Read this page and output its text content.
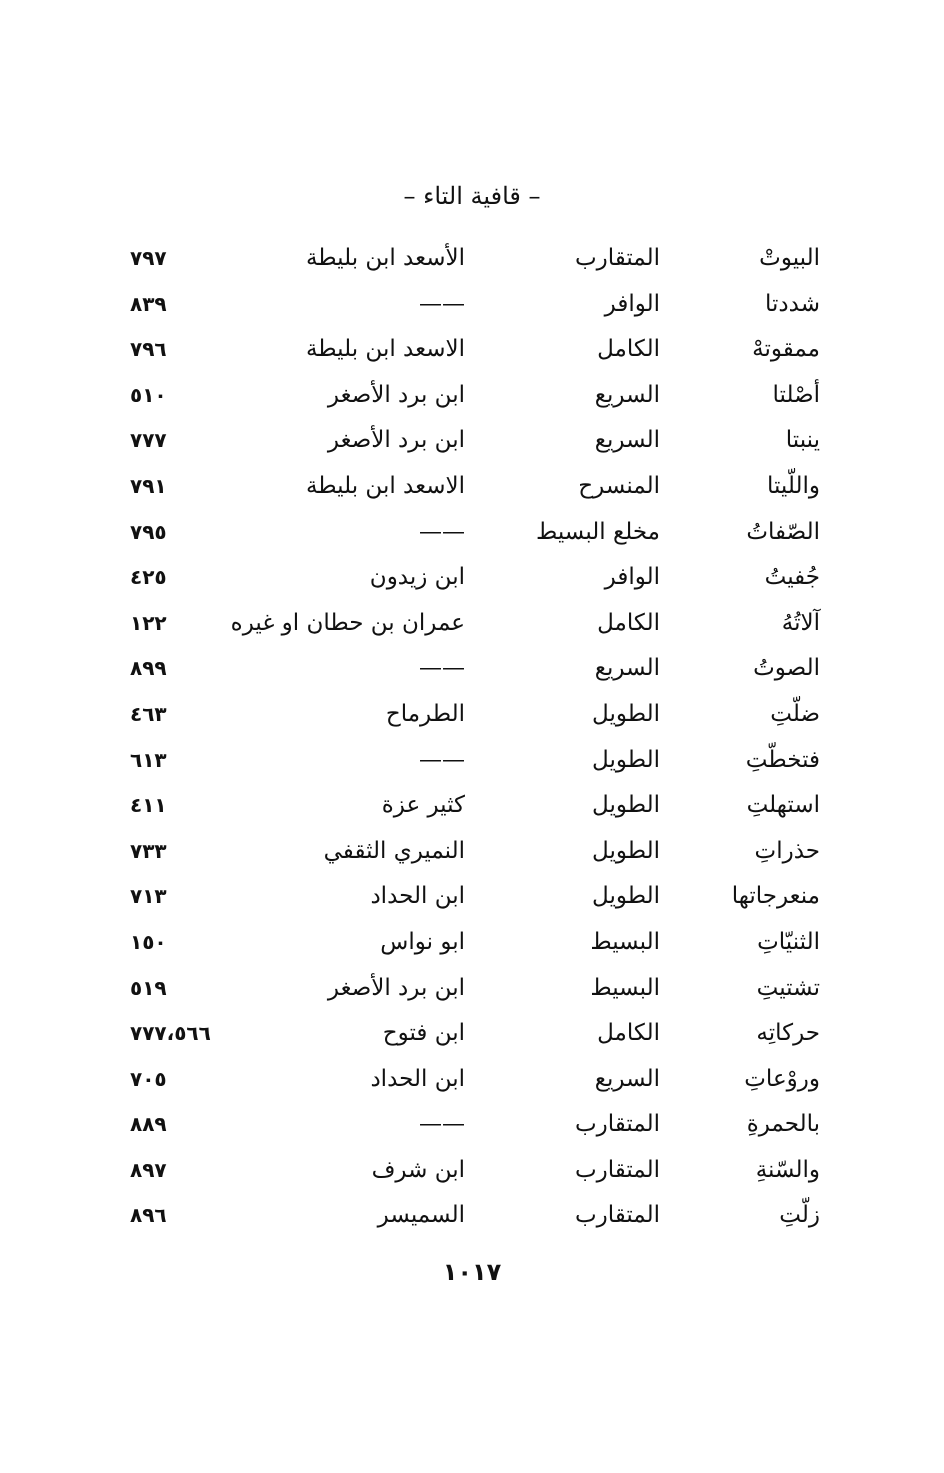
– قافية التاء –
البيوتْ
المتقارب
الأسعد ابن بليطة
٧٩٧
شددتا
الوافر
——
٨٣٩
ممقوتهْ
الكامل
الاسعد ابن بليطة
٧٩٦
أصْلتا
السريع
ابن برد الأصغر
٥١٠
ينبتا
السريع
ابن برد الأصغر
٧٧٧
واللّيتا
المنسرح
الاسعد ابن بليطة
٧٩١
الصّفاتُ
مخلع البسيط
——
٧٩٥
جُفيتُ
الوافر
ابن زيدون
٤٢٥
آلاتُهُ
الكامل
عمران بن حطان او غيره
١٢٢
الصوتُ
السريع
——
٨٩٩
ضلّتِ
الطويل
الطرماح
٤٦٣
فتخطّتِ
الطويل
——
٦١٣
استهلتِ
الطويل
كثير عزة
٤١١
حذراتِ
الطويل
النميري الثقفي
٧٣٣
منعرجاتها
الطويل
ابن الحداد
٧١٣
الثنيّاتِ
البسيط
ابو نواس
١٥٠
تشتيتِ
البسيط
ابن برد الأصغر
٥١٩
حركاتِه
الكامل
ابن فتوح
٧٧٧،٥٦٦
وروْعاتِ
السريع
ابن الحداد
٧٠٥
بالحمرةِ
المتقارب
——
٨٨٩
والسّنةِ
المتقارب
ابن شرف
٨٩٧
زلّتِ
المتقارب
السميسر
٨٩٦
١٠١٧
